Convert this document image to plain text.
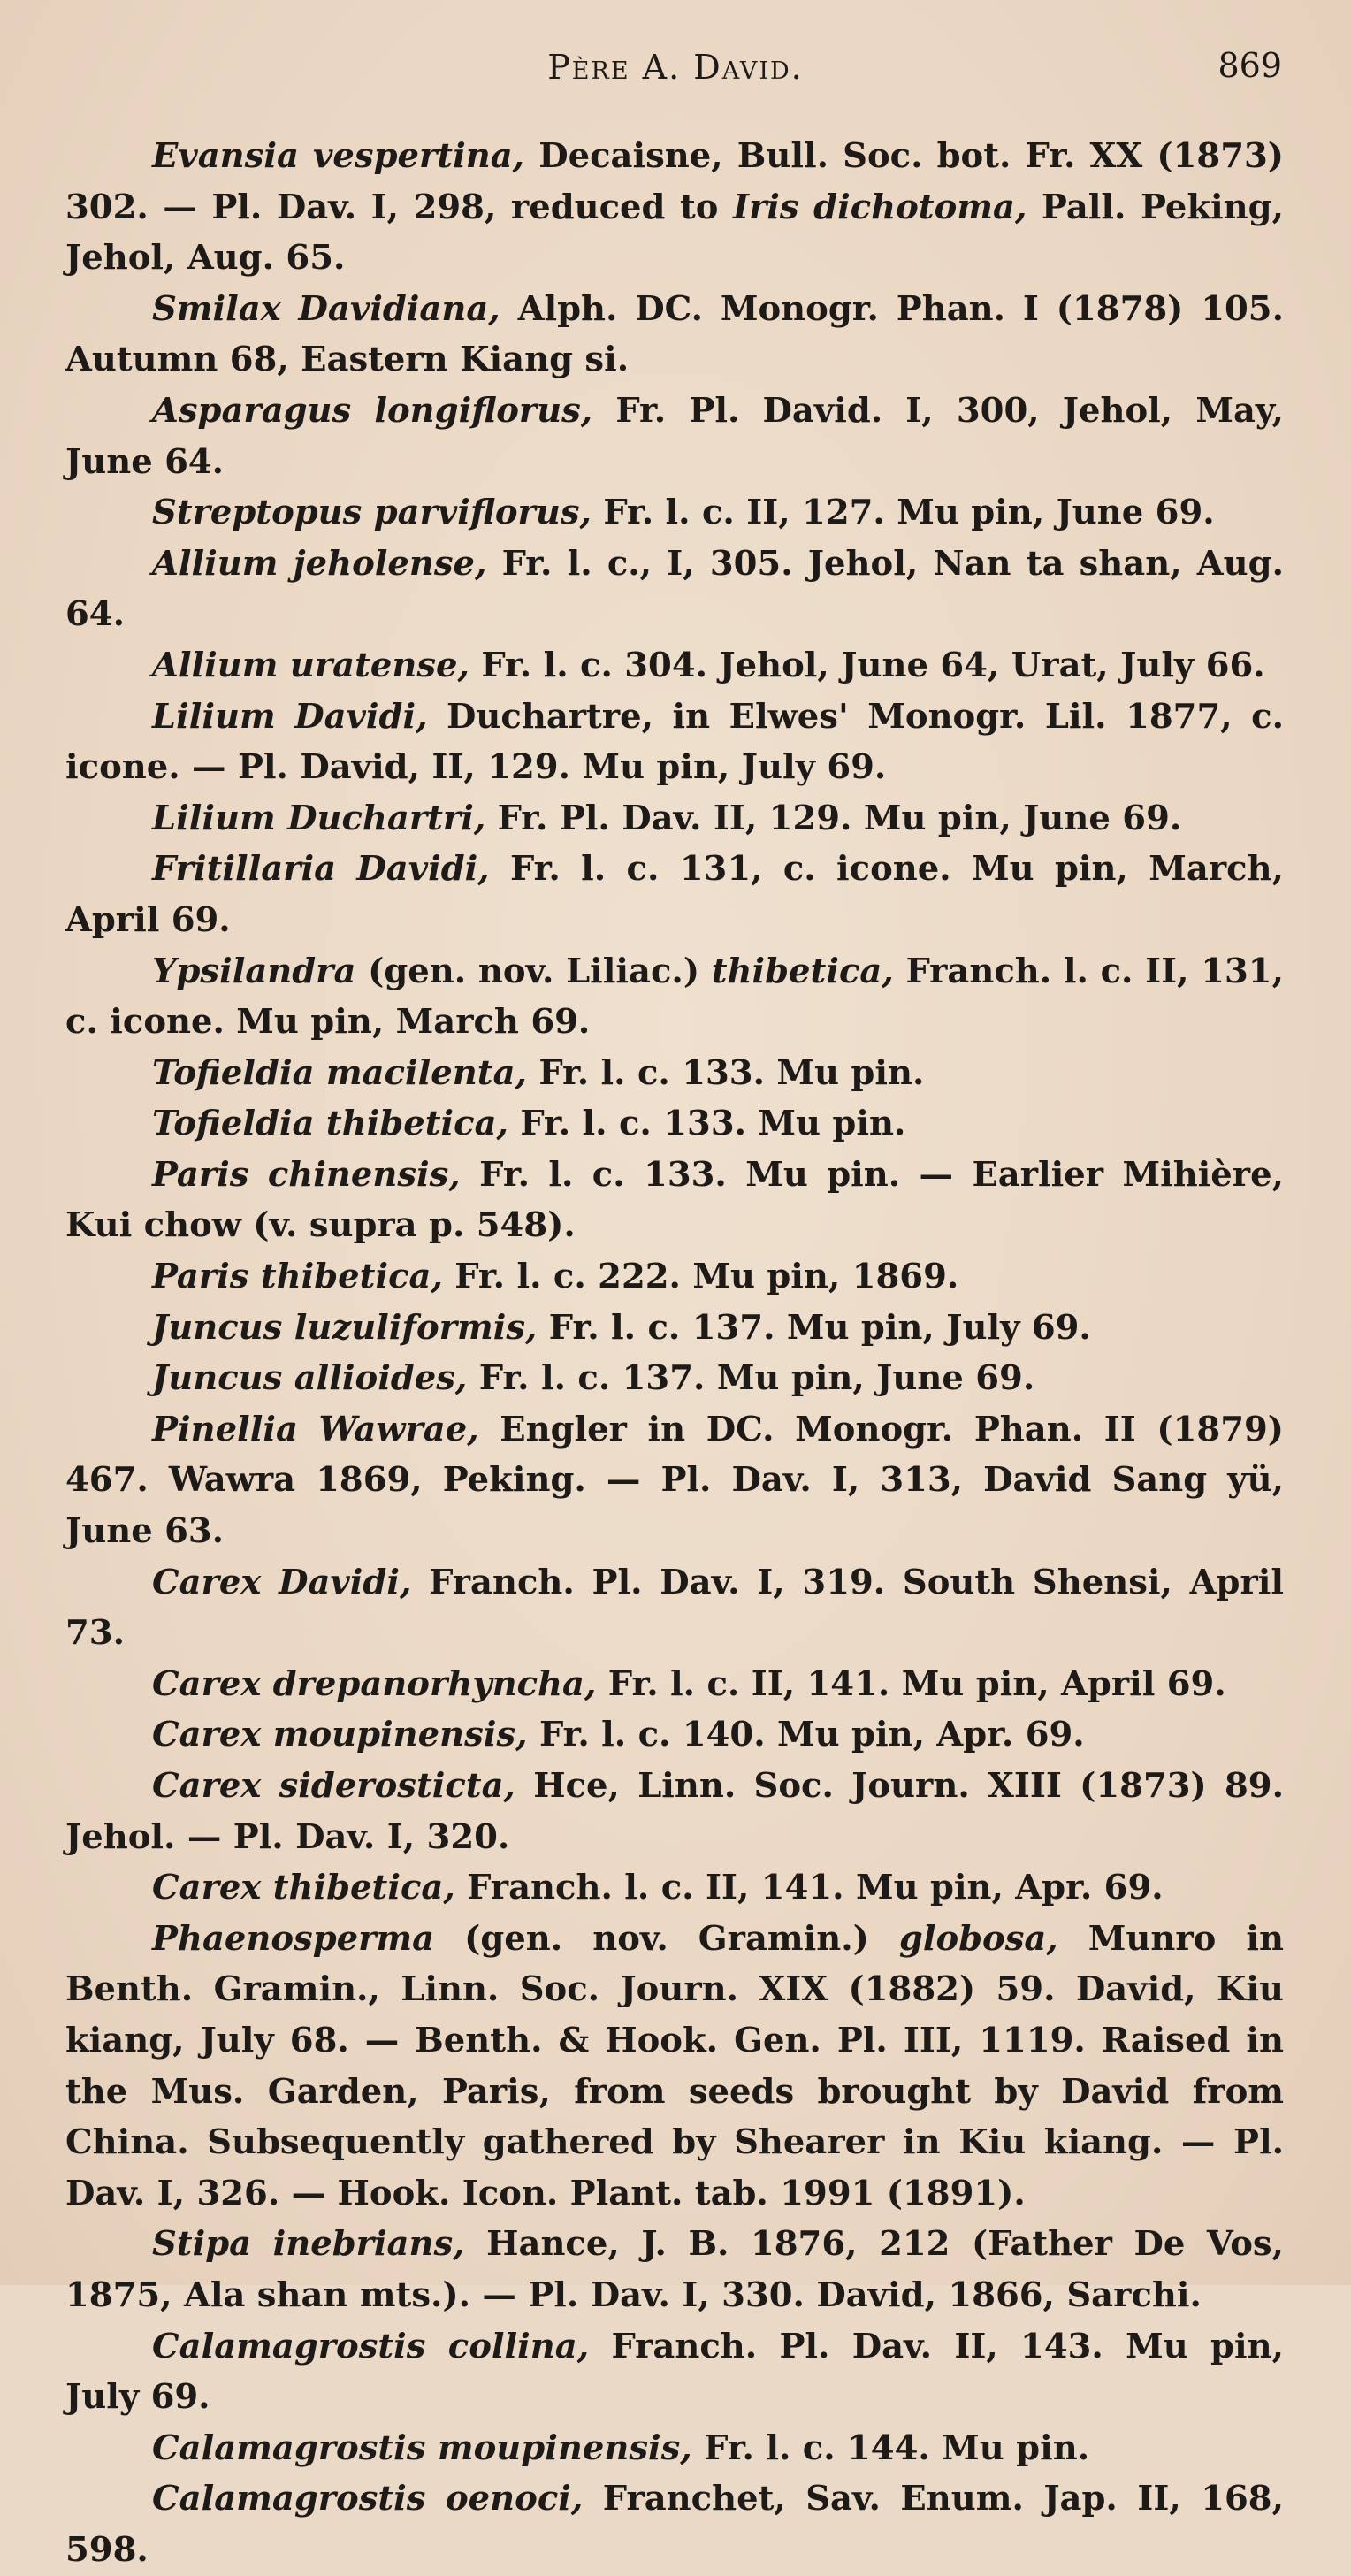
Père A. David.	869

Evansia vespertina, Decaisne, Bull. Soc. bot. Fr. XX (1873) 302. — Pl. Dav. I, 298, reduced to Iris dichotoma, Pall. Peking, Jehol, Aug. 65.

Smilax Davidiana, Alph. DC. Monogr. Phan. I (1878) 105. Autumn 68, Eastern Kiang si.

Asparagus longiflorus, Fr. Pl. David. I, 300, Jehol, May, June 64.

Streptopus parviflorus, Fr. l. c. II, 127. Mu pin, June 69.

Allium jeholense, Fr. l. c., I, 305. Jehol, Nan ta shan, Aug. 64.

Allium uratense, Fr. l. c. 304. Jehol, June 64, Urat, July 66.

Lilium Davidi, Duchartre, in Elwes' Monogr. Lil. 1877, c. icone. — Pl. David, II, 129. Mu pin, July 69.

Lilium Duchartri, Fr. Pl. Dav. II, 129. Mu pin, June 69.

Fritillaria Davidi, Fr. l. c. 131, c. icone. Mu pin, March, April 69.

Ypsilandra (gen. nov. Liliac.) thibetica, Franch. l. c. II, 131, c. icone. Mu pin, March 69.

Tofieldia macilenta, Fr. l. c. 133. Mu pin.

Tofieldia thibetica, Fr. l. c. 133. Mu pin.

Paris chinensis, Fr. l. c. 133. Mu pin. — Earlier Mihière, Kui chow (v. supra p. 548).

Paris thibetica, Fr. l. c. 222. Mu pin, 1869.

Juncus luzuliformis, Fr. l. c. 137. Mu pin, July 69.

Juncus allioides, Fr. l. c. 137. Mu pin, June 69.

Pinellia Wawrae, Engler in DC. Monogr. Phan. II (1879) 467. Wawra 1869, Peking. — Pl. Dav. I, 313, David Sang yü, June 63.

Carex Davidi, Franch. Pl. Dav. I, 319. South Shensi, April 73.

Carex drepanorhyncha, Fr. l. c. II, 141. Mu pin, April 69.

Carex moupinensis, Fr. l. c. 140. Mu pin, Apr. 69.

Carex siderosticta, Hce, Linn. Soc. Journ. XIII (1873) 89. Jehol. — Pl. Dav. I, 320.

Carex thibetica, Franch. l. c. II, 141. Mu pin, Apr. 69.

Phaenosperma (gen. nov. Gramin.) globosa, Munro in Benth. Gramin., Linn. Soc. Journ. XIX (1882) 59. David, Kiu kiang, July 68. — Benth. & Hook. Gen. Pl. III, 1119. Raised in the Mus. Garden, Paris, from seeds brought by David from China. Subsequently gathered by Shearer in Kiu kiang. — Pl. Dav. I, 326. — Hook. Icon. Plant. tab. 1991 (1891).

Stipa inebrians, Hance, J. B. 1876, 212 (Father De Vos, 1875, Ala shan mts.). — Pl. Dav. I, 330. David, 1866, Sarchi.

Calamagrostis collina, Franch. Pl. Dav. II, 143. Mu pin, July 69.

Calamagrostis moupinensis, Fr. l. c. 144. Mu pin.

Calamagrostis oenoci, Franchet, Sav. Enum. Jap. II, 168, 598.
